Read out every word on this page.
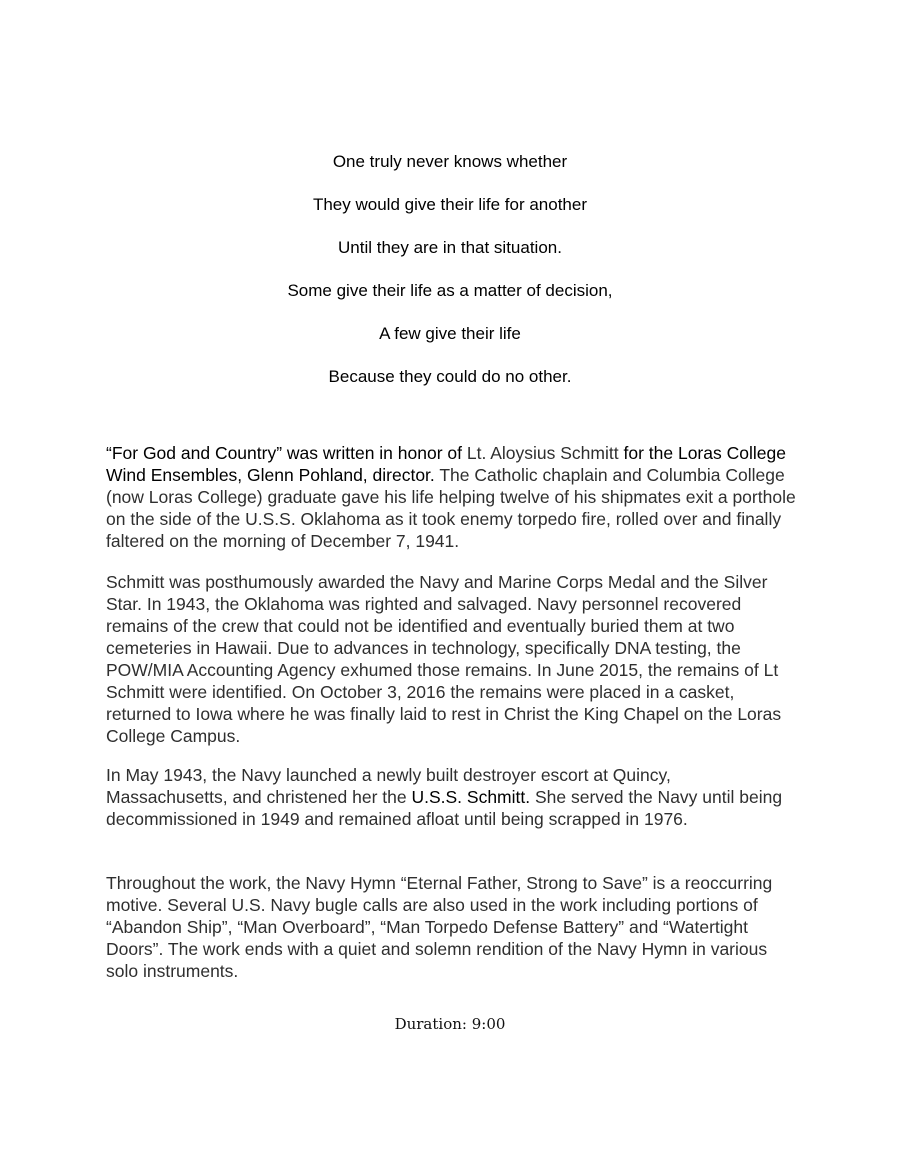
One truly never knows whether

They would give their life for another

Until they are in that situation.

Some give their life as a matter of decision,

A few give their life

Because they could do no other.

“For God and Country” was written in honor of Lt. Aloysius Schmitt for the Loras College Wind Ensembles, Glenn Pohland, director. The Catholic chaplain and Columbia College (now Loras College) graduate gave his life helping twelve of his shipmates exit a porthole on the side of the U.S.S. Oklahoma as it took enemy torpedo fire, rolled over and finally faltered on the morning of December 7, 1941.

Schmitt was posthumously awarded the Navy and Marine Corps Medal and the Silver Star. In 1943, the Oklahoma was righted and salvaged. Navy personnel recovered remains of the crew that could not be identified and eventually buried them at two cemeteries in Hawaii. Due to advances in technology, specifically DNA testing, the POW/MIA Accounting Agency exhumed those remains. In June 2015, the remains of Lt Schmitt were identified. On October 3, 2016 the remains were placed in a casket, returned to Iowa where he was finally laid to rest in Christ the King Chapel on the Loras College Campus.

In May 1943, the Navy launched a newly built destroyer escort at Quincy, Massachusetts, and christened her the U.S.S. Schmitt. She served the Navy until being decommissioned in 1949 and remained afloat until being scrapped in 1976.

Throughout the work, the Navy Hymn “Eternal Father, Strong to Save” is a reoccurring motive. Several U.S. Navy bugle calls are also used in the work including portions of “Abandon Ship”, “Man Overboard”, “Man Torpedo Defense Battery” and “Watertight Doors”. The work ends with a quiet and solemn rendition of the Navy Hymn in various solo instruments.

Duration: 9:00
